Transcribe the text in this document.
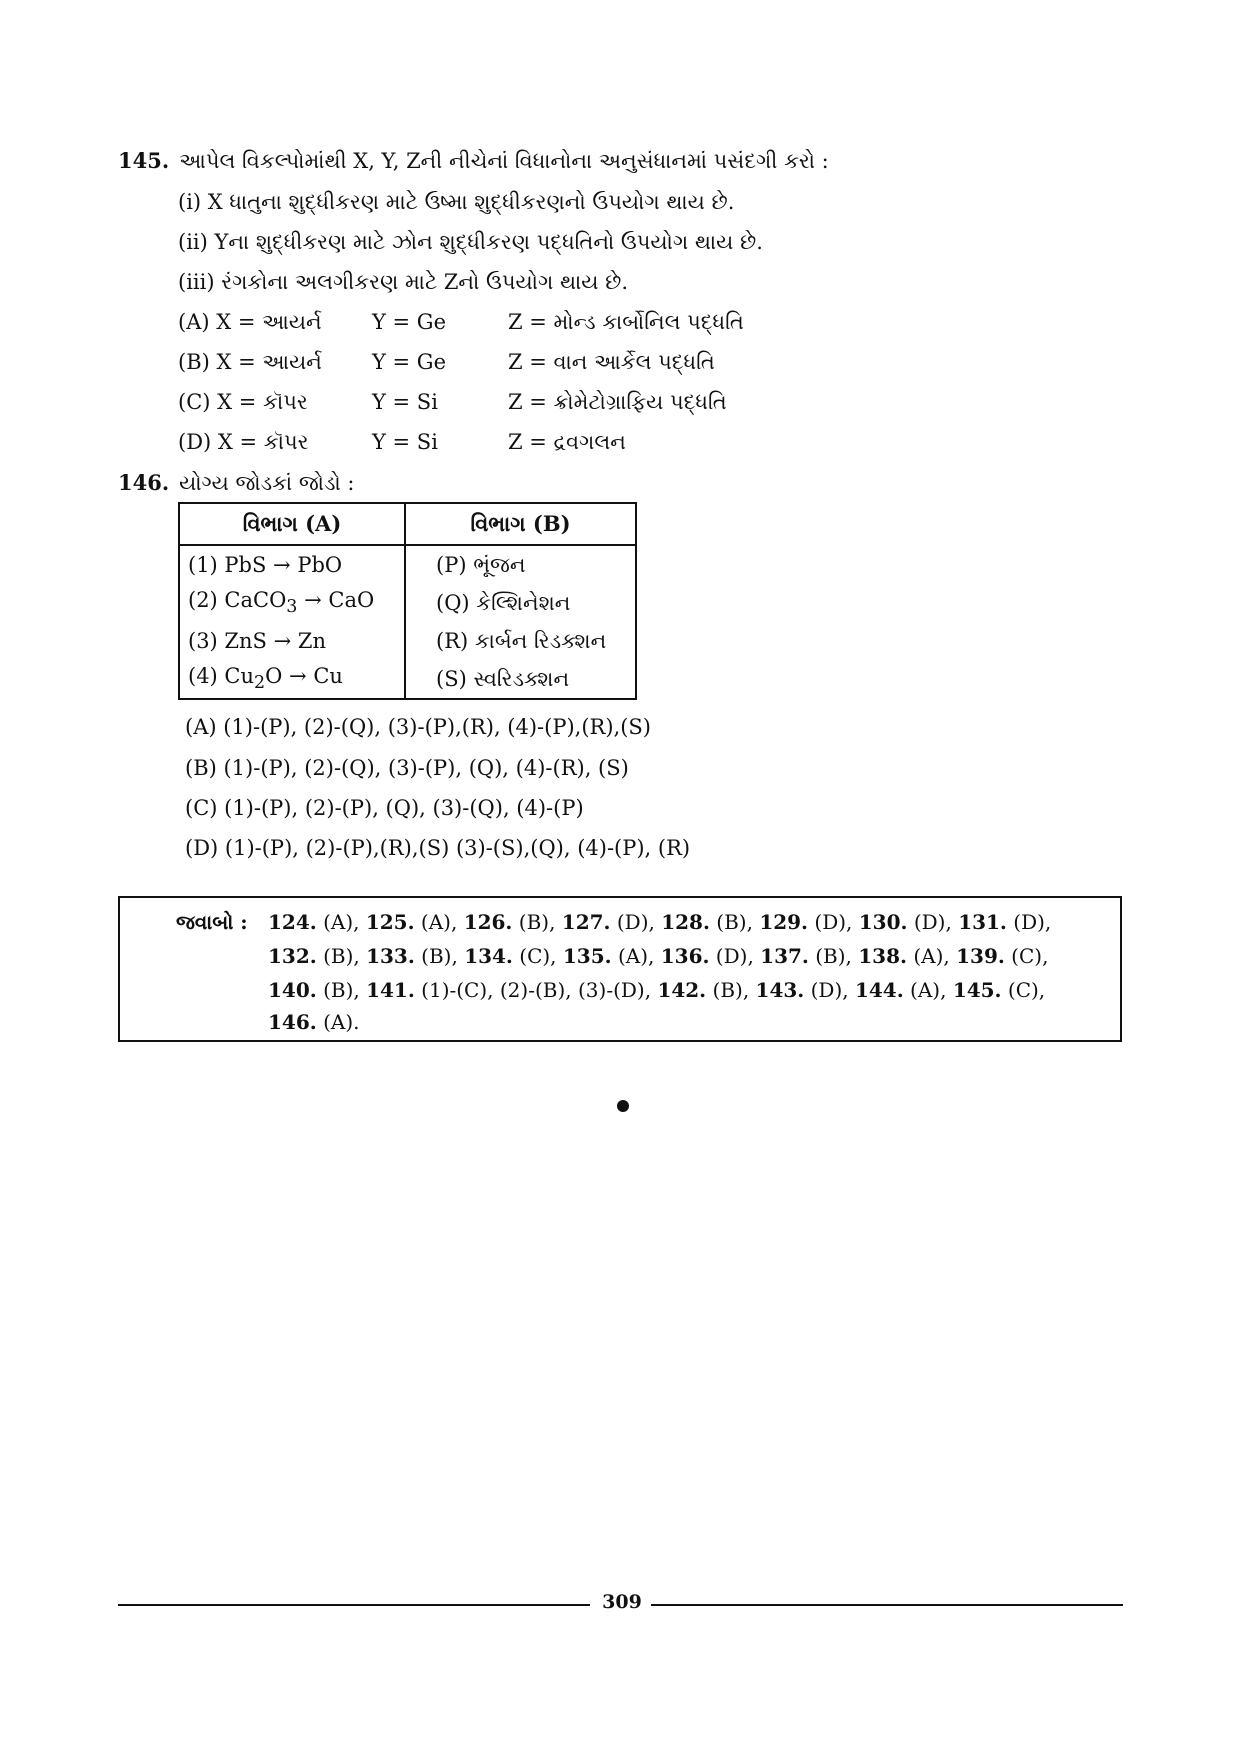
145. આપેલ વિકલ્પોમાંથી X, Y, Zની નીચેનાં વિધાનોના અનુસંધાનમાં પસંદગી કરો :
(i) X ધાતુના શુદ્ધીકરણ માટે ઉષ્મા શુદ્ધીકરણનો ઉપયોગ થાય છે.
(ii) Yના શુદ્ધીકરણ માટે ઝોન શુદ્ધીકરણ પદ્ધતિનો ઉપયોગ થાય છે.
(iii) રંગકોના અલગીકરણ માટે Zનો ઉપયોગ થાય છે.
(A) X = આયર્ન Y = Ge	Z = મોન્ડ કાર્બોનિલ પદ્ધતિ
(B) X = આયર્ન Y = Ge	Z = વાન આર્કેલ પદ્ધતિ
(C) X = કૉપર	Y = Si	Z = ક્રોમેટોગ્રાફિય પદ્ધતિ
(D) X = કૉપર	Y = Si	Z = દ્રવગલન
146. યોગ્ય જોડકાં જોડો :
વિભાગ (A)	વિભાગ (B)
(1) PbS → PbO	(P) ભૂંજન
(2) CaCO$_3$ → CaO	(Q) કેલ્શિનેશન
(3) ZnS → Zn	(R) કાર્બન રિડક્શન
(4) $Cu_2O \to Cu$	(S) સ્વરિડક્શન
(A) (1)-(P), (2)-(Q), (3)-(P),(R), (4)-(P),(R),(S)
(B) (1)-(P), (2)-(Q), (3)-(P), (Q), (4)-(R), (S)
(C) (1)-(P), (2)-(P), (Q), (3)-(Q), (4)-(P)
(D) (1)-(P), (2)-(P),(R),(S) (3)-(S),(Q), (4)-(P), (R)
જવાબો : 124. (A), 125. (A), 126. (B), 127. (D), 128. (B), 129. (D), 130. (D), 131. (D),
132. (B), 133. (B), 134. (C), 135. (A), 136. (D), 137. (B), 138. (A), 139. (C),
140. (B), 141. (1)-(C), (2)-(B), (3)-(D), 142. (B), 143. (D), 144. (A), 145. (C),
146. (A).
309
